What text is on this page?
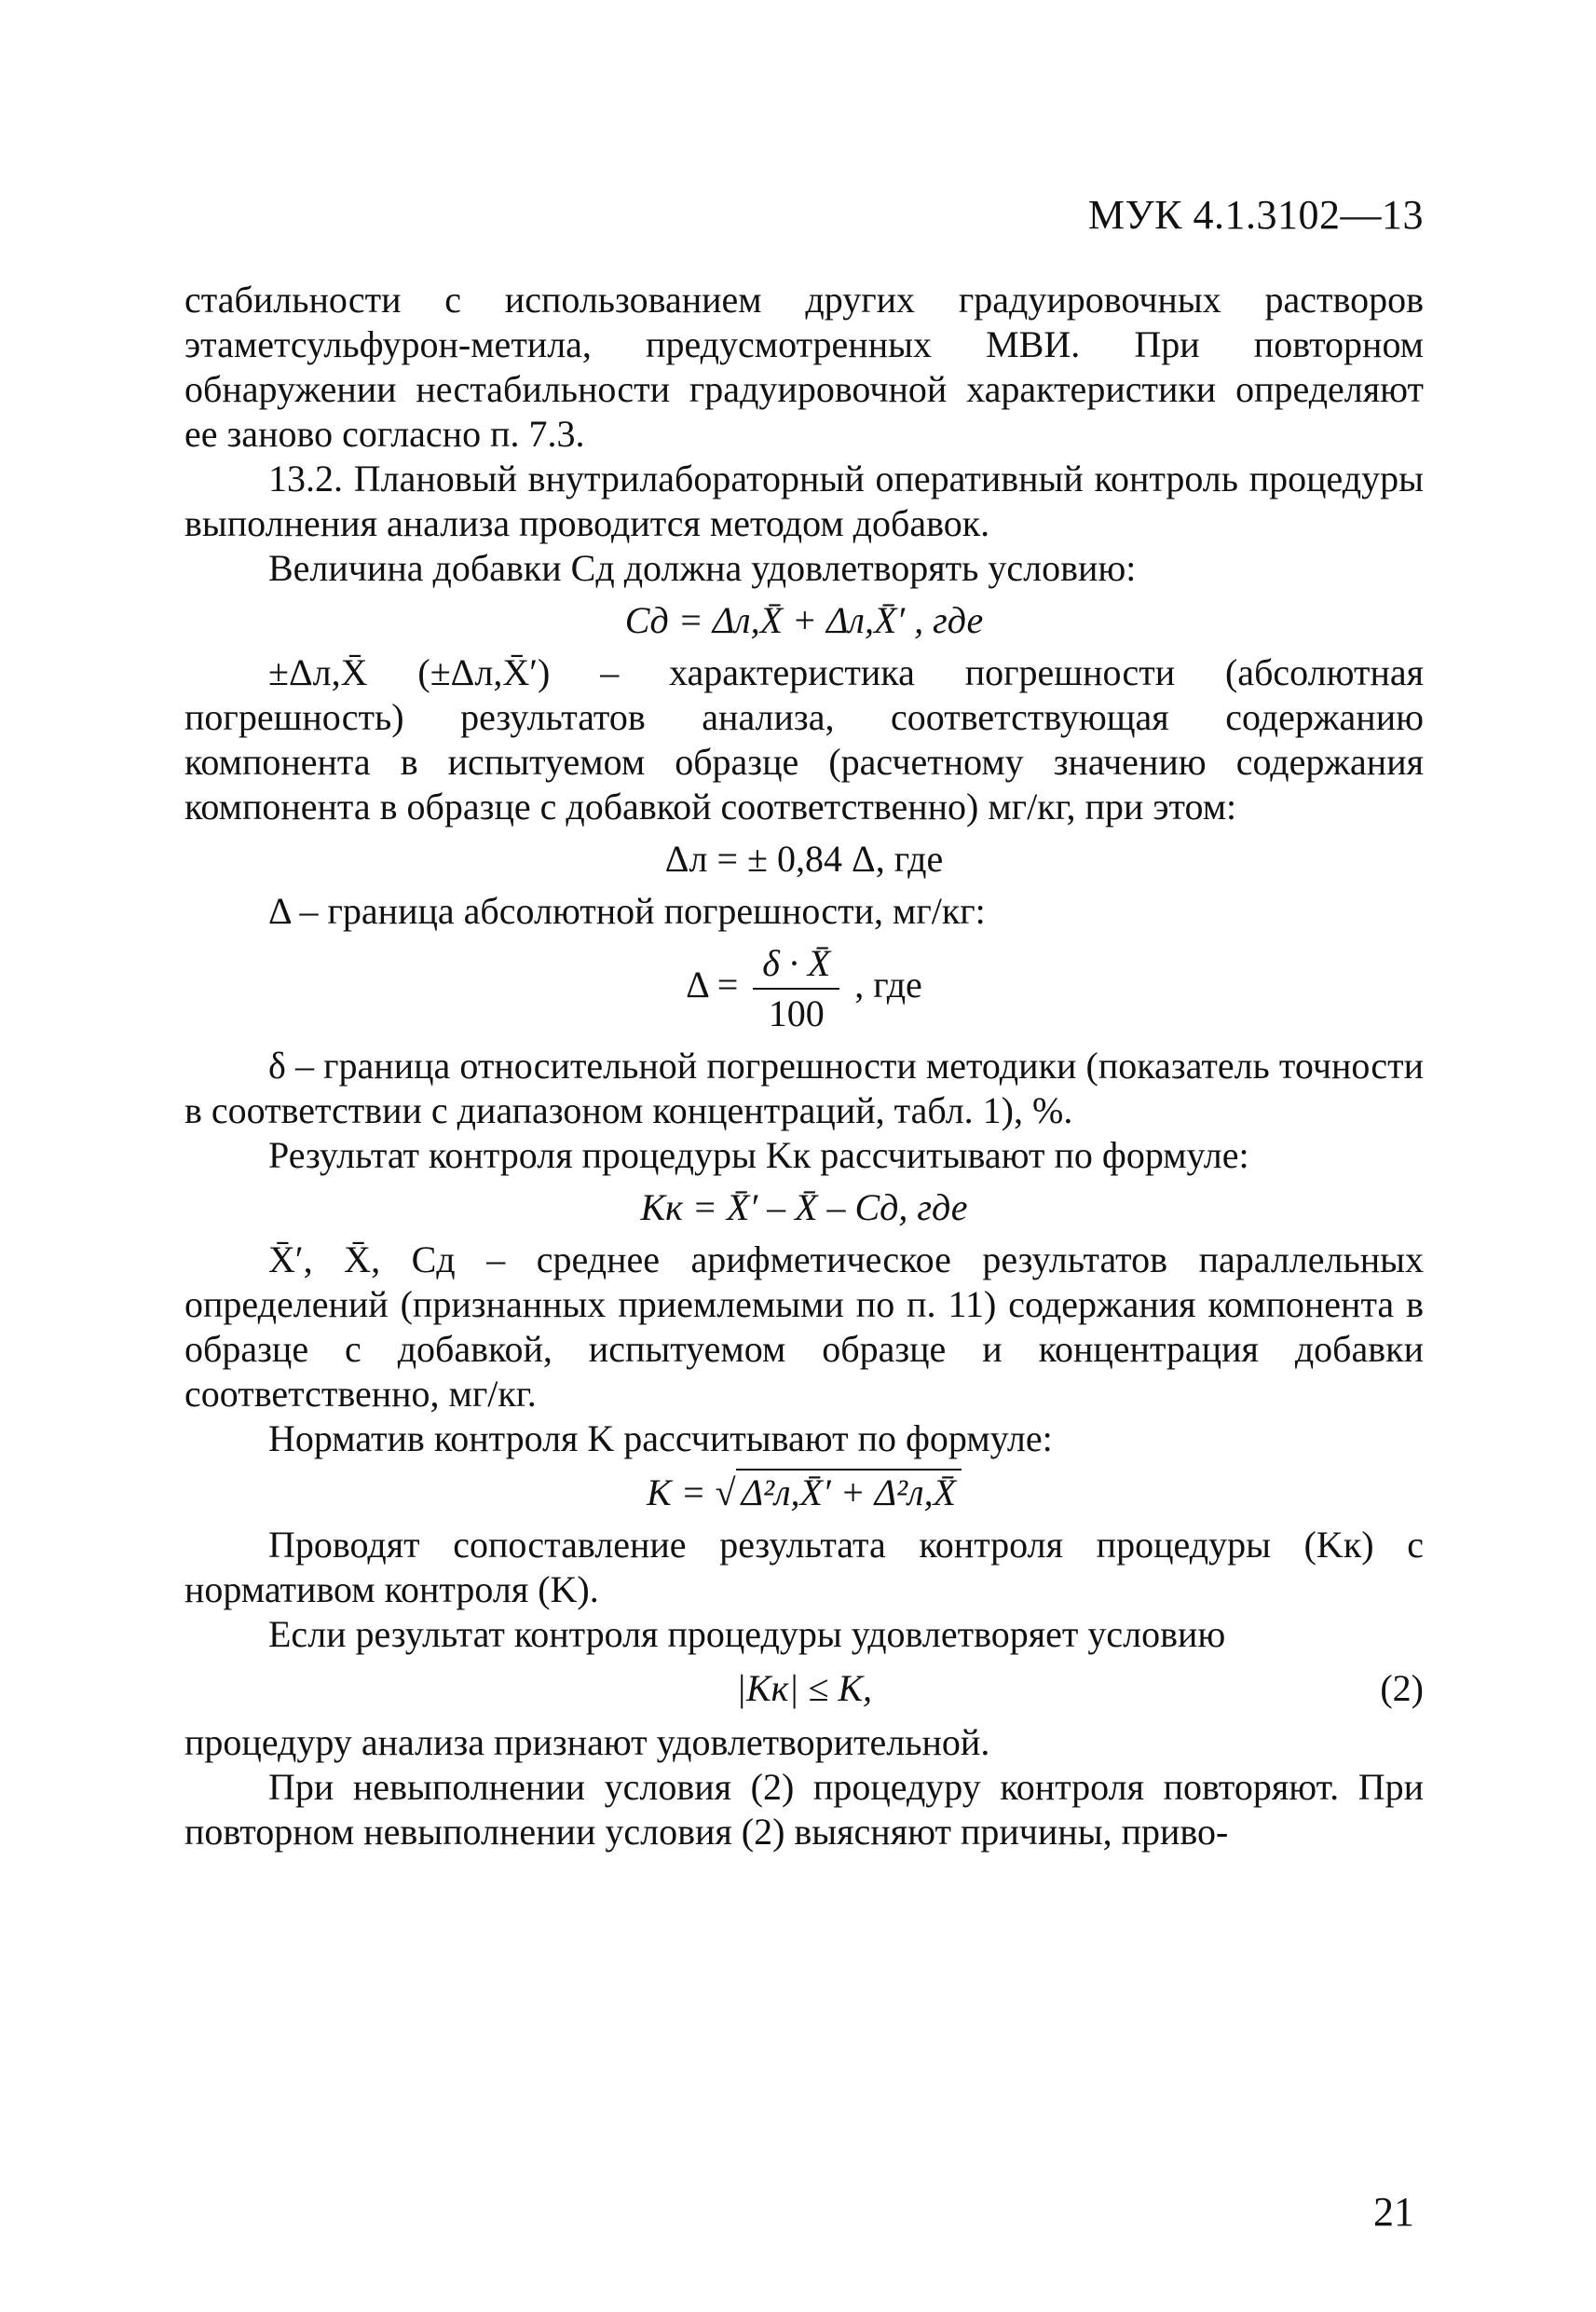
МУК 4.1.3102—13

стабильности с использованием других градуировочных растворов этаметсульфурон-метила, предусмотренных МВИ. При повторном обнаружении нестабильности градуировочной характеристики определяют ее заново согласно п. 7.3.

13.2. Плановый внутрилабораторный оперативный контроль процедуры выполнения анализа проводится методом добавок.

Величина добавки Cд должна удовлетворять условию:

Cд = Δл,X̄ + Δл,X̄′ , где

±Δл,X̄ (±Δл,X̄′) – характеристика погрешности (абсолютная погрешность) результатов анализа, соответствующая содержанию компонента в испытуемом образце (расчетному значению содержания компонента в образце с добавкой соответственно) мг/кг, при этом:

Δл = ± 0,84 Δ, где

Δ – граница абсолютной погрешности, мг/кг:

$\Delta = \frac{\delta \cdot X̄}{100}$ , где

δ – граница относительной погрешности методики (показатель точности в соответствии с диапазоном концентраций, табл. 1), %.

Результат контроля процедуры Kк рассчитывают по формуле:

Kк = X̄′ – X̄ – Cд, где

X̄′, X̄, Cд – среднее арифметическое результатов параллельных определений (признанных приемлемыми по п. 11) содержания компонента в образце с добавкой, испытуемом образце и концентрация добавки соответственно, мг/кг.

Норматив контроля K рассчитывают по формуле:

K = √ Δ²л,X̄′ + Δ²л,X̄

Проводят сопоставление результата контроля процедуры (Kк) с нормативом контроля (K).

Если результат контроля процедуры удовлетворяет условию

|Kк| ≤ K,	(2)

процедуру анализа признают удовлетворительной.

При невыполнении условия (2) процедуру контроля повторяют. При повторном невыполнении условия (2) выясняют причины, приво-

21
